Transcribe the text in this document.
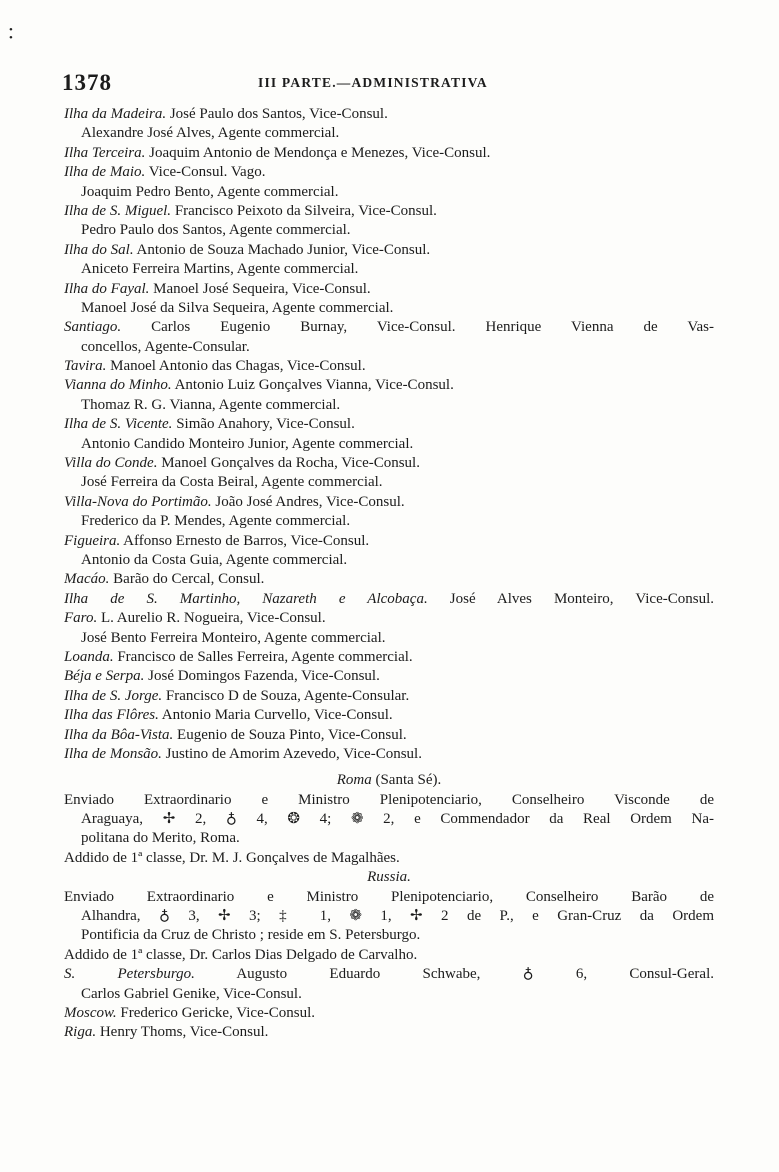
•
•
1378	III PARTE.—ADMINISTRATIVA
Ilha da Madeira. José Paulo dos Santos, Vice-Consul.
Alexandre José Alves, Agente commercial.
Ilha Terceira. Joaquim Antonio de Mendonça e Menezes, Vice-Consul.
Ilha de Maio. Vice-Consul. Vago.
Joaquim Pedro Bento, Agente commercial.
Ilha de S. Miguel. Francisco Peixoto da Silveira, Vice-Consul.
Pedro Paulo dos Santos, Agente commercial.
Ilha do Sal. Antonio de Souza Machado Junior, Vice-Consul.
Aniceto Ferreira Martins, Agente commercial.
Ilha do Fayal. Manoel José Sequeira, Vice-Consul.
Manoel José da Silva Sequeira, Agente commercial.
Santiago. Carlos Eugenio Burnay, Vice-Consul. Henrique Vienna de Vas-
concellos, Agente-Consular.
Tavira. Manoel Antonio das Chagas, Vice-Consul.
Vianna do Minho. Antonio Luiz Gonçalves Vianna, Vice-Consul.
Thomaz R. G. Vianna, Agente commercial.
Ilha de S. Vicente. Simão Anahory, Vice-Consul.
Antonio Candido Monteiro Junior, Agente commercial.
Villa do Conde. Manoel Gonçalves da Rocha, Vice-Consul.
José Ferreira da Costa Beiral, Agente commercial.
Villa-Nova do Portimão. João José Andres, Vice-Consul.
Frederico da P. Mendes, Agente commercial.
Figueira. Affonso Ernesto de Barros, Vice-Consul.
Antonio da Costa Guia, Agente commercial.
Macáo. Barão do Cercal, Consul.
Ilha de S. Martinho, Nazareth e Alcobaça. José Alves Monteiro, Vice-Consul.
Faro. L. Aurelio R. Nogueira, Vice-Consul.
José Bento Ferreira Monteiro, Agente commercial.
Loanda. Francisco de Salles Ferreira, Agente commercial.
Béja e Serpa. José Domingos Fazenda, Vice-Consul.
Ilha de S. Jorge. Francisco D de Souza, Agente-Consular.
Ilha das Flôres. Antonio Maria Curvello, Vice-Consul.
Ilha da Bôa-Vista. Eugenio de Souza Pinto, Vice-Consul.
Ilha de Monsão. Justino de Amorim Azevedo, Vice-Consul.
Roma (Santa Sé).
Enviado Extraordinario e Ministro Plenipotenciario, Conselheiro Visconde de
Araguaya, ✢ 2, ♁ 4, ❂ 4; ❁ 2, e Commendador da Real Ordem Na-
politana do Merito, Roma.
Addido de 1ª classe, Dr. M. J. Gonçalves de Magalhães.
Russia.
Enviado Extraordinario e Ministro Plenipotenciario, Conselheiro Barão de
Alhandra, ♁ 3, ✢ 3; ‡ 1, ❁ 1, ✢ 2 de P., e Gran-Cruz da Ordem
Pontificia da Cruz de Christo ; reside em S. Petersburgo.
Addido de 1ª classe, Dr. Carlos Dias Delgado de Carvalho.
S. Petersburgo. Augusto Eduardo Schwabe, ♁ 6, Consul-Geral.
Carlos Gabriel Genike, Vice-Consul.
Moscow. Frederico Gericke, Vice-Consul.
Riga. Henry Thoms, Vice-Consul.
